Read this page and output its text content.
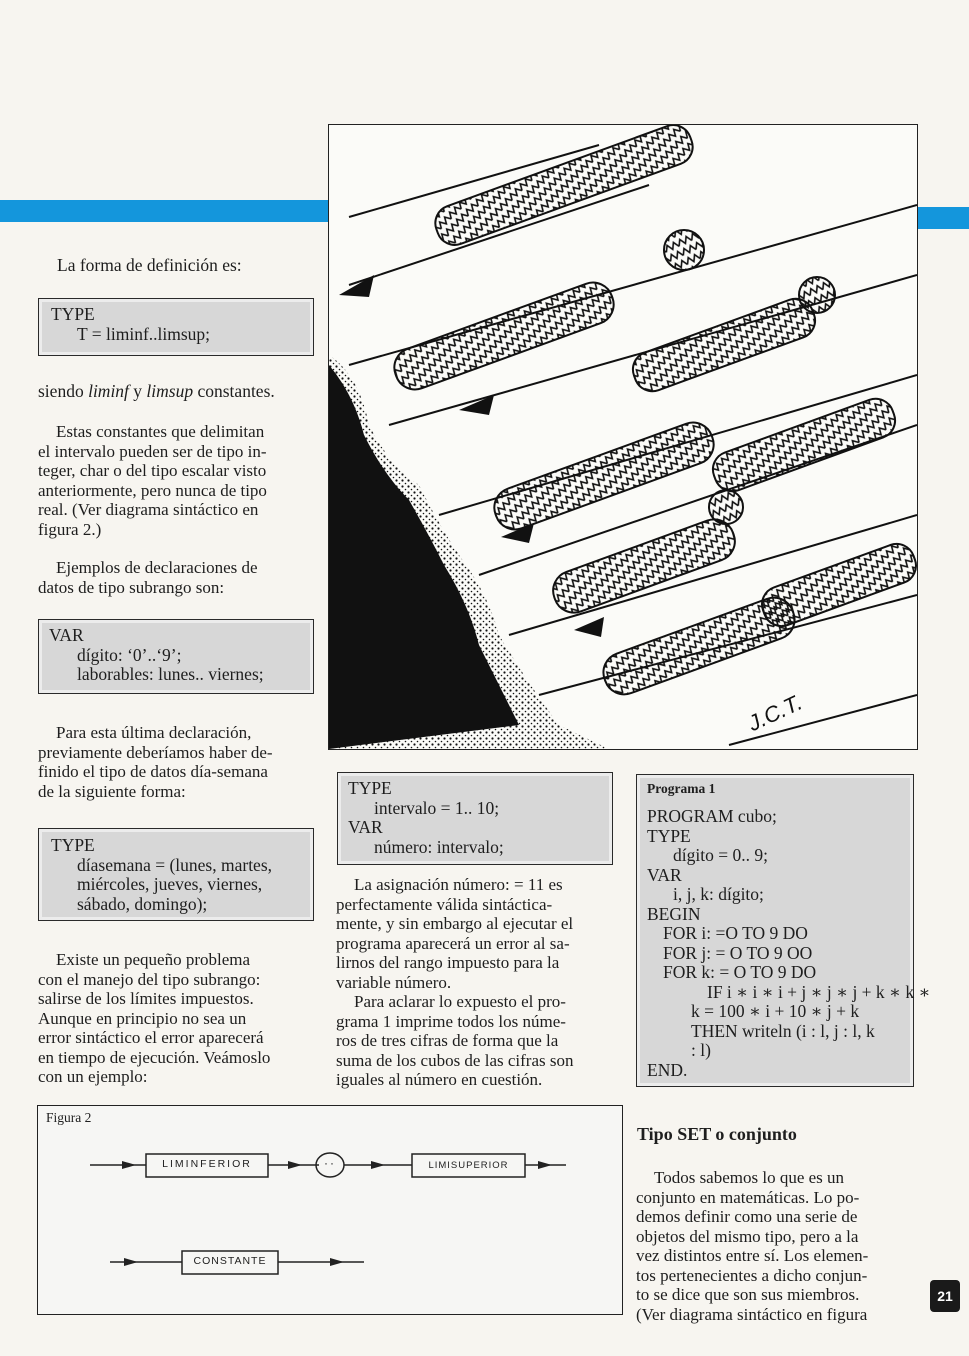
La forma de definición es:

TYPE
T = liminf..limsup;

siendo liminf y limsup constantes.

Estas constantes que delimitan
el intervalo pueden ser de tipo in-
teger, char o del tipo escalar visto
anteriormente, pero nunca de tipo
real. (Ver diagrama sintáctico en
figura 2.)
Ejemplos de declaraciones de
datos de tipo subrango son:
VAR
dígito: ‘0’..‘9’;
laborables: lunes.. viernes;
Para esta última declaración,
previamente deberíamos haber de-
finido el tipo de datos día-semana
de la siguiente forma:
TYPE
díasemana = (lunes, martes,
miércoles, jueves, viernes,
sábado, domingo);
Existe un pequeño problema
con el manejo del tipo subrango:
salirse de los límites impuestos.
Aunque en principio no sea un
error sintáctico el error aparecerá
en tiempo de ejecución. Veámoslo
con un ejemplo:
J.C.T.
TYPE
intervalo = 1.. 10;
VAR
número: intervalo;
La asignación número: = 11 es
perfectamente válida sintáctica-
mente, y sin embargo al ejecutar el
programa aparecerá un error al sa-
lirnos del rango impuesto para la
variable número.
Para aclarar lo expuesto el pro-
grama 1 imprime todos los núme-
ros de tres cifras de forma que la
suma de los cubos de las cifras son
iguales al número en cuestión.
Programa 1
PROGRAM cubo;
TYPE
dígito = 0.. 9;
VAR
i, j, k: dígito;
BEGIN
FOR i: =O TO 9 DO
FOR j: = O TO 9 OO
FOR k: = O TO 9 DO
IF i ∗ i ∗ i + j ∗ j ∗ j + k ∗ k ∗
k = 100 ∗ i + 10 ∗ j + k
THEN writeln (i : l, j : l, k
: l)
END.
Figura 2
LIMINFERIOR	··	LIMISUPERIOR
CONSTANTE
Tipo SET o conjunto
Todos sabemos lo que es un
conjunto en matemáticas. Lo po-
demos definir como una serie de
objetos del mismo tipo, pero a la
vez distintos entre sí. Los elemen-
tos pertenecientes a dicho conjun-
to se dice que son sus miembros.
(Ver diagrama sintáctico en figura
21
